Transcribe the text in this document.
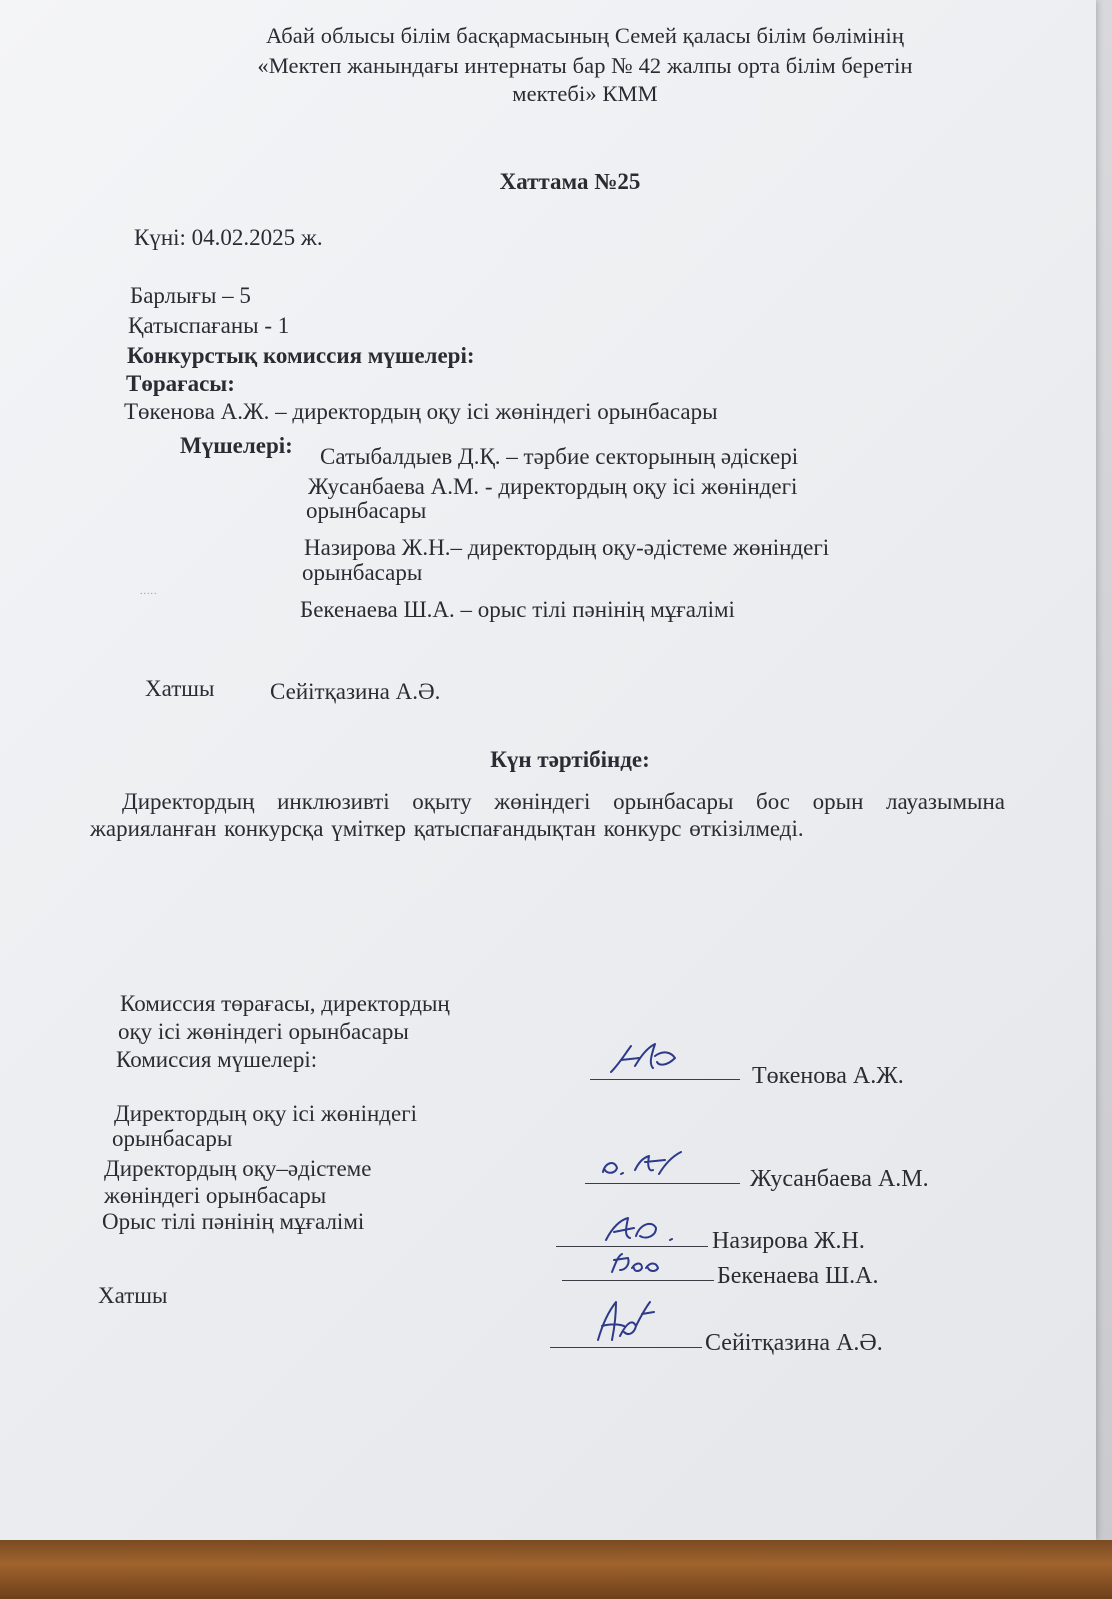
Абай облысы білім басқармасының Семей қаласы білім бөлімінің
«Мектеп жанындағы интернаты бар № 42 жалпы орта білім беретін
мектебі» КММ
Хаттама №25
Күні: 04.02.2025 ж.
Барлығы – 5
Қатыспағаны - 1
Конкурстық комиссия мүшелері:
Төрағасы:
Төкенова А.Ж. – директордың оқу ісі жөніндегі орынбасары
Мүшелері: Сатыбалдыев Д.Қ. – тәрбие секторының әдіскері
Жусанбаева А.М. - директордың оқу ісі жөніндегі
орынбасары
Назирова Ж.Н.– директордың оқу-әдістеме жөніндегі
орынбасары
.....
Бекенаева Ш.А. – орыс тілі пәнінің мұғалімі
Хатшы Сейітқазина А.Ә.
Күн тәртібінде:
Директордың инклюзивті оқыту жөніндегі орынбасары бос орын лауазымына жарияланған конкурсқа үміткер қатыспағандықтан конкурс өткізілмеді.
Комиссия төрағасы, директордың
оқу ісі жөніндегі орынбасары
Комиссия мүшелері:
Директордың оқу ісі жөніндегі
орынбасары
Директордың оқу–әдістеме
жөніндегі орынбасары
Орыс тілі пәнінің мұғалімі
Хатшы
Төкенова А.Ж.
Жусанбаева А.М.
Назирова Ж.Н.
Бекенаева Ш.А.
Сейітқазина А.Ә.
